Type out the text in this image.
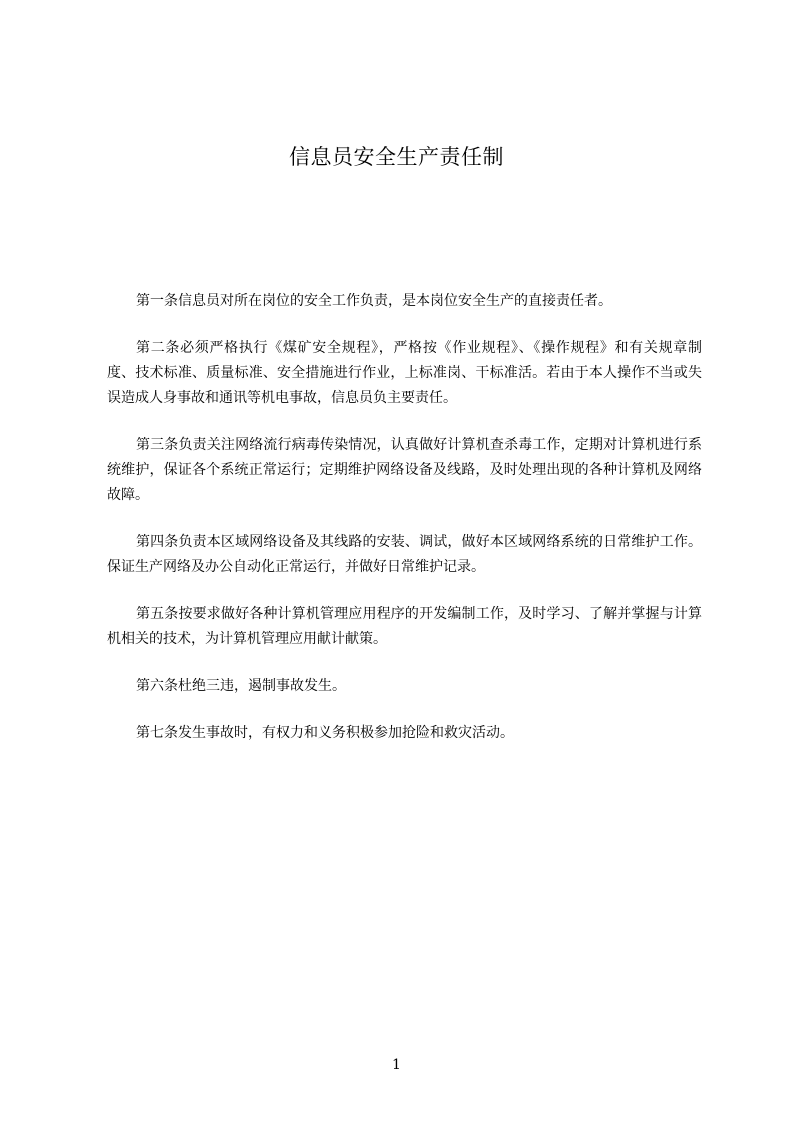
信息员安全生产责任制

第一条信息员对所在岗位的安全工作负责，是本岗位安全生产的直接责任者。

第二条必须严格执行《煤矿安全规程》，严格按《作业规程》、《操作规程》和有关规章制度、技术标准、质量标准、安全措施进行作业，上标准岗、干标准活。若由于本人操作不当或失误造成人身事故和通讯等机电事故，信息员负主要责任。

第三条负责关注网络流行病毒传染情况，认真做好计算机查杀毒工作，定期对计算机进行系统维护，保证各个系统正常运行；定期维护网络设备及线路，及时处理出现的各种计算机及网络故障。

第四条负责本区域网络设备及其线路的安装、调试，做好本区域网络系统的日常维护工作。保证生产网络及办公自动化正常运行，并做好日常维护记录。

第五条按要求做好各种计算机管理应用程序的开发编制工作，及时学习、了解并掌握与计算机相关的技术，为计算机管理应用献计献策。

第六条杜绝三违，遏制事故发生。

第七条发生事故时，有权力和义务积极参加抢险和救灾活动。

1
